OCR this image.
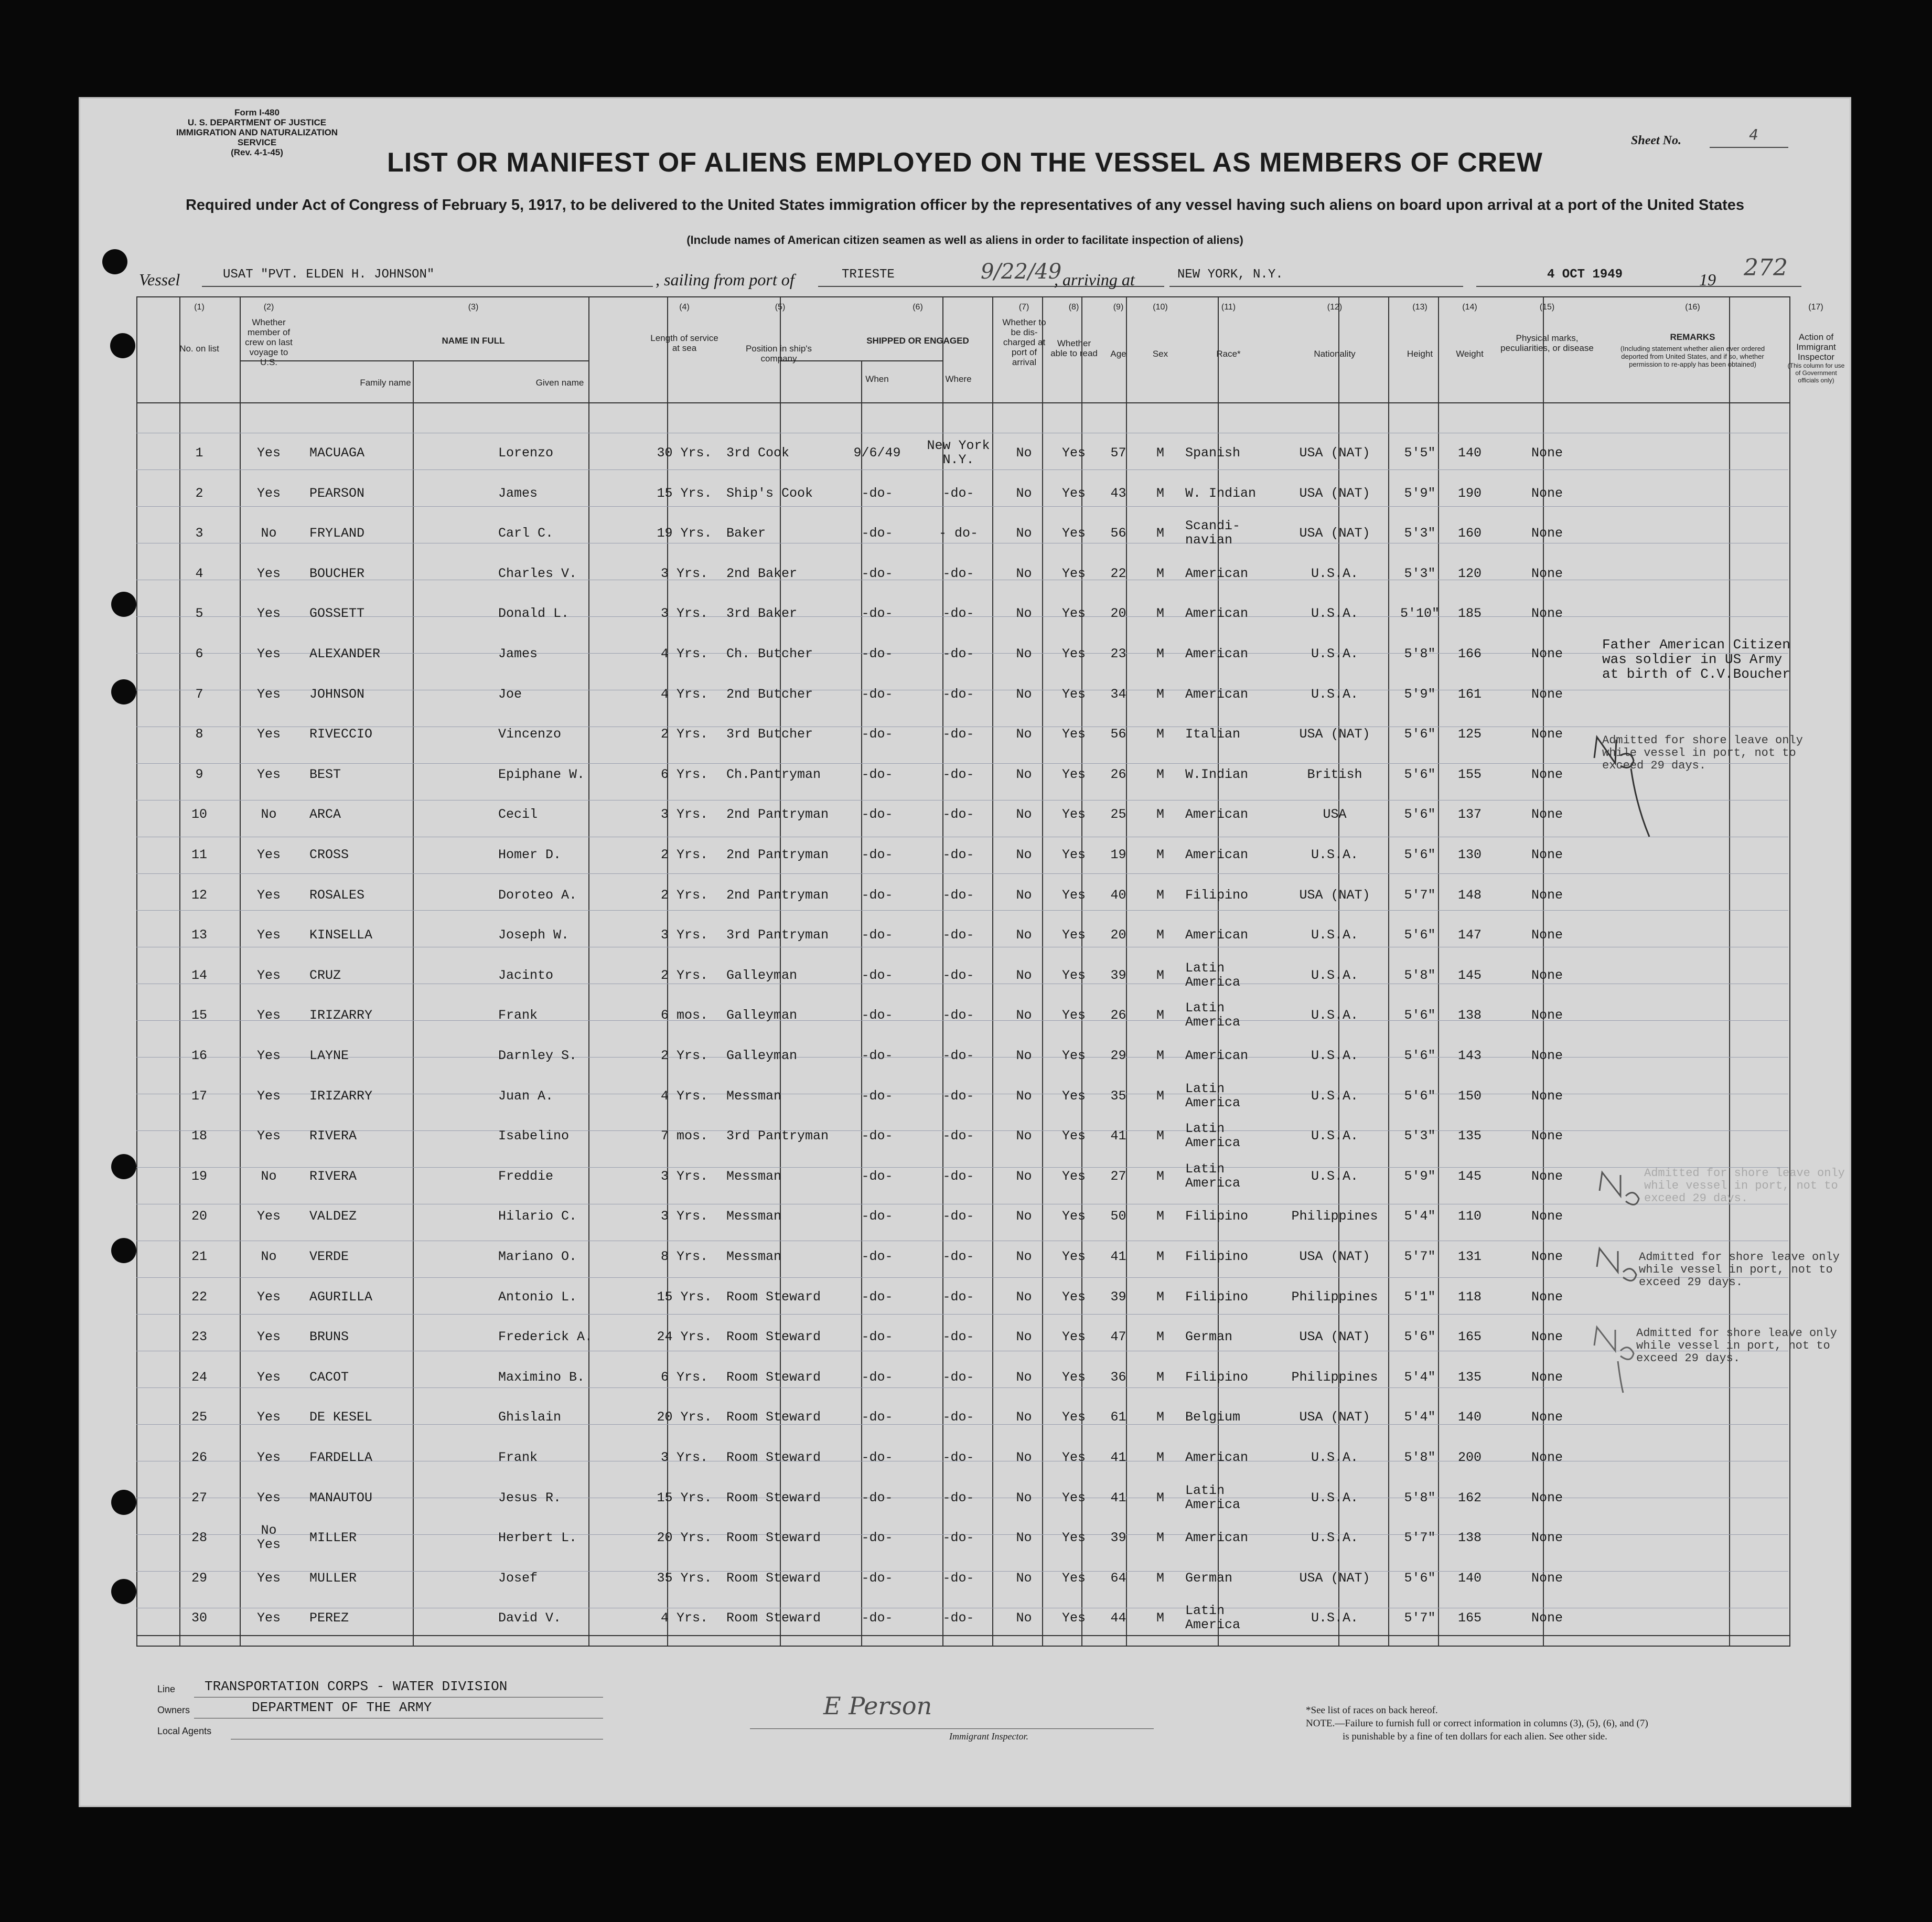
Form I-480
U. S. DEPARTMENT OF JUSTICE
IMMIGRATION AND NATURALIZATION SERVICE
(Rev. 4-1-45)
Sheet No.	4
LIST OR MANIFEST OF ALIENS EMPLOYED ON THE VESSEL AS MEMBERS OF CREW
Required under Act of Congress of February 5, 1917, to be delivered to the United States immigration officer by the representatives of any vessel having such aliens on board upon arrival at a port of the United States
(Include names of American citizen seamen as well as aliens in order to facilitate inspection of aliens)
Vessel	USAT "PVT. ELDEN H. JOHNSON"	, sailing from port of	TRIESTE	9/22/49
, arriving at	NEW YORK, N.Y.	4 OCT 1949	19 272
(1)	(2)	(3)	(4)	(5)	(6)	(7)	(8)	(9)	(10)	(11)	(12)	(13)	(14)	(15)	(16)	(17)
No. on list
Whether member of crew on last voyage to U.S.
NAME IN FULL
Family name	Given name
Length of service at sea	Position in ship's company
SHIPPED OR ENGAGED
When	Where
Whether to be dis-charged at port of arrival
Whether able to read	Age	Sex	Race*	Nationality	Height	Weight
Physical marks, peculiarities, or disease
REMARKS
(Including statement whether alien ever ordered deported from United States, and if so, whether permission to re-apply has been obtained)
Action of Immigrant Inspector
(This column for use of Government officials only)
1	Yes	MACUAGA	Lorenzo	30 Yrs.	3rd Cook	9/6/49	New York
N.Y.	No	Yes	57	M	Spanish	USA (NAT)	5'5"	140	None
2	Yes	PEARSON	James	15 Yrs.	Ship's Cook	-do-	-do-	No	Yes	43	M	W. Indian	USA (NAT)	5'9"	190	None
3	No	FRYLAND	Carl C.	19 Yrs.	Baker	-do-	- do-	No	Yes	56	M	Scandi-
navian	USA (NAT)	5'3"	160	None
4	Yes	BOUCHER	Charles V.	3 Yrs.	2nd Baker	-do-	-do-	No	Yes	22	M	American	U.S.A.	5'3"	120	None
5	Yes	GOSSETT	Donald L.	3 Yrs.	3rd Baker	-do-	-do-	No	Yes	20	M	American	U.S.A.	5'10"	185	None
6	Yes	ALEXANDER	James	4 Yrs.	Ch. Butcher	-do-	-do-	No	Yes	23	M	American	U.S.A.	5'8"	166	None
7	Yes	JOHNSON	Joe	4 Yrs.	2nd Butcher	-do-	-do-	No	Yes	34	M	American	U.S.A.	5'9"	161	None
8	Yes	RIVECCIO	Vincenzo	2 Yrs.	3rd Butcher	-do-	-do-	No	Yes	56	M	Italian	USA (NAT)	5'6"	125	None
9	Yes	BEST	Epiphane W.	6 Yrs.	Ch.Pantryman	-do-	-do-	No	Yes	26	M	W.Indian	British	5'6"	155	None
10	No	ARCA	Cecil	3 Yrs.	2nd Pantryman	-do-	-do-	No	Yes	25	M	American	USA	5'6"	137	None
11	Yes	CROSS	Homer D.	2 Yrs.	2nd Pantryman	-do-	-do-	No	Yes	19	M	American	U.S.A.	5'6"	130	None
12	Yes	ROSALES	Doroteo A.	2 Yrs.	2nd Pantryman	-do-	-do-	No	Yes	40	M	Filipino	USA (NAT)	5'7"	148	None
13	Yes	KINSELLA	Joseph W.	3 Yrs.	3rd Pantryman	-do-	-do-	No	Yes	20	M	American	U.S.A.	5'6"	147	None
14	Yes	CRUZ	Jacinto	2 Yrs.	Galleyman	-do-	-do-	No	Yes	39	M	Latin
America	U.S.A.	5'8"	145	None
15	Yes	IRIZARRY	Frank	6 mos.	Galleyman	-do-	-do-	No	Yes	26	M	Latin
America	U.S.A.	5'6"	138	None
16	Yes	LAYNE	Darnley S.	2 Yrs.	Galleyman	-do-	-do-	No	Yes	29	M	American	U.S.A.	5'6"	143	None
17	Yes	IRIZARRY	Juan A.	4 Yrs.	Messman	-do-	-do-	No	Yes	35	M	Latin
America	U.S.A.	5'6"	150	None
18	Yes	RIVERA	Isabelino	7 mos.	3rd Pantryman	-do-	-do-	No	Yes	41	M	Latin
America	U.S.A.	5'3"	135	None
19	No	RIVERA	Freddie	3 Yrs.	Messman	-do-	-do-	No	Yes	27	M	Latin
America	U.S.A.	5'9"	145	None
20	Yes	VALDEZ	Hilario C.	3 Yrs.	Messman	-do-	-do-	No	Yes	50	M	Filipino	Philippines	5'4"	110	None
21	No	VERDE	Mariano O.	8 Yrs.	Messman	-do-	-do-	No	Yes	41	M	Filipino	USA (NAT)	5'7"	131	None
22	Yes	AGURILLA	Antonio L.	15 Yrs.	Room Steward	-do-	-do-	No	Yes	39	M	Filipino	Philippines	5'1"	118	None
23	Yes	BRUNS	Frederick A.	24 Yrs.	Room Steward	-do-	-do-	No	Yes	47	M	German	USA (NAT)	5'6"	165	None
24	Yes	CACOT	Maximino B.	6 Yrs.	Room Steward	-do-	-do-	No	Yes	36	M	Filipino	Philippines	5'4"	135	None
25	Yes	DE KESEL	Ghislain	20 Yrs.	Room Steward	-do-	-do-	No	Yes	61	M	Belgium	USA (NAT)	5'4"	140	None
26	Yes	FARDELLA	Frank	3 Yrs.	Room Steward	-do-	-do-	No	Yes	41	M	American	U.S.A.	5'8"	200	None
27	Yes	MANAUTOU	Jesus R.	15 Yrs.	Room Steward	-do-	-do-	No	Yes	41	M	Latin
America	U.S.A.	5'8"	162	None
28	No
Yes	MILLER	Herbert L.	20 Yrs.	Room Steward	-do-	-do-	No	Yes	39	M	American	U.S.A.	5'7"	138	None
29	Yes	MULLER	Josef	35 Yrs.	Room Steward	-do-	-do-	No	Yes	64	M	German	USA (NAT)	5'6"	140	None
30	Yes	PEREZ	David V.	4 Yrs.	Room Steward	-do-	-do-	No	Yes	44	M	Latin
America	U.S.A.	5'7"	165	None
Father American Citizen
was soldier in US Army
at birth of C.V.Boucher
Admitted for shore leave only
while vessel in port, not to
exceed 29 days.
Admitted for shore leave only
while vessel in port, not to
exceed 29 days.
Admitted for shore leave only
while vessel in port, not to
exceed 29 days.
Admitted for shore leave only
while vessel in port, not to
exceed 29 days.
Line TRANSPORTATION CORPS - WATER DIVISION
Owners	DEPARTMENT OF THE ARMY
Local Agents
E Person
Immigrant Inspector.
*See list of races on back hereof.
NOTE.—Failure to furnish full or correct information in columns (3), (5), (6), and (7)
is punishable by a fine of ten dollars for each alien. See other side.
